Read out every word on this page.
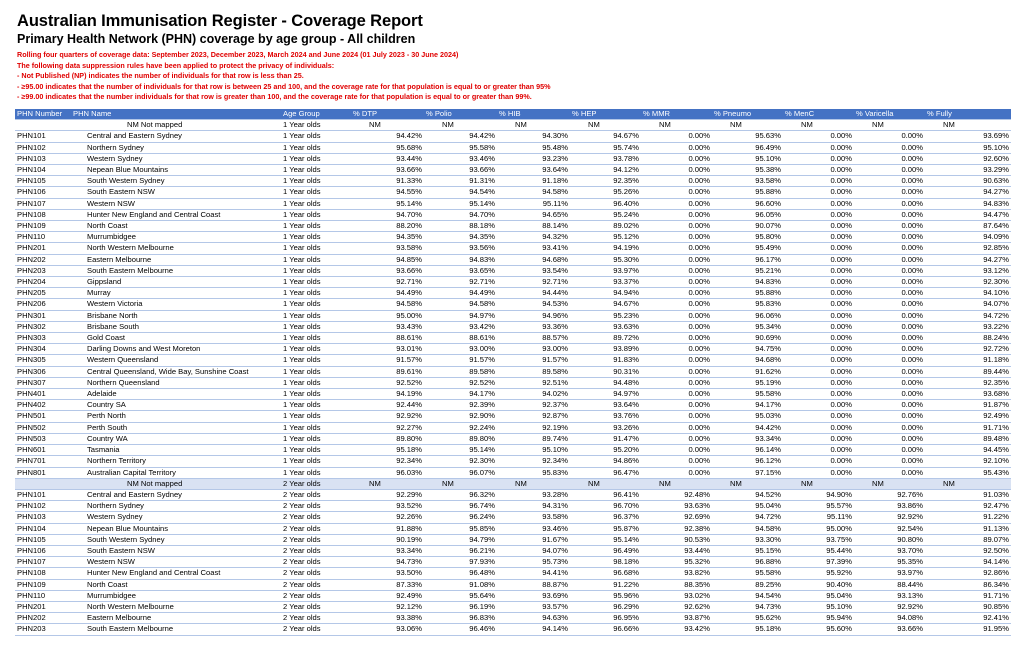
Australian Immunisation Register - Coverage Report
Primary Health Network (PHN) coverage by age group - All children
Rolling four quarters of coverage data: September 2023, December 2023, March 2024 and June 2024 (01 July 2023 - 30 June 2024)
The following data suppression rules have been applied to protect the privacy of individuals:
- Not Published (NP) indicates the number of individuals for that row is less than 25.
- ≥95.00 indicates that the number of individuals for that row is between 25 and 100, and the coverage rate for that population is equal to or greater than 95%
- ≥99.00 indicates that the number individuals for that row is greater than 100, and the coverage rate for that population is equal to or greater than 99%.
PHN Number	PHN Name	Age Group	% DTP	% Polio	% HIB	% HEP	% MMR	% Pneumo	% MenC	% Varicella	% Fully
	NM Not mapped	1 Year olds	NM	NM	NM	NM	NM	NM	NM	NM	NM
PHN101	Central and Eastern Sydney	1 Year olds	94.42%	94.42%	94.30%	94.67%	0.00%	95.63%	0.00%	0.00%	93.69%
PHN102	Northern Sydney	1 Year olds	95.68%	95.58%	95.48%	95.74%	0.00%	96.49%	0.00%	0.00%	95.10%
PHN103	Western Sydney	1 Year olds	93.44%	93.46%	93.23%	93.78%	0.00%	95.10%	0.00%	0.00%	92.60%
PHN104	Nepean Blue Mountains	1 Year olds	93.66%	93.66%	93.64%	94.12%	0.00%	95.38%	0.00%	0.00%	93.29%
PHN105	South Western Sydney	1 Year olds	91.33%	91.31%	91.18%	92.35%	0.00%	93.58%	0.00%	0.00%	90.63%
PHN106	South Eastern NSW	1 Year olds	94.55%	94.54%	94.58%	95.26%	0.00%	95.88%	0.00%	0.00%	94.27%
PHN107	Western NSW	1 Year olds	95.14%	95.14%	95.11%	96.40%	0.00%	96.60%	0.00%	0.00%	94.83%
PHN108	Hunter New England and Central Coast	1 Year olds	94.70%	94.70%	94.65%	95.24%	0.00%	96.05%	0.00%	0.00%	94.47%
PHN109	North Coast	1 Year olds	88.20%	88.18%	88.14%	89.02%	0.00%	90.07%	0.00%	0.00%	87.64%
PHN110	Murrumbidgee	1 Year olds	94.35%	94.35%	94.32%	95.12%	0.00%	95.80%	0.00%	0.00%	94.09%
PHN201	North Western Melbourne	1 Year olds	93.58%	93.56%	93.41%	94.19%	0.00%	95.49%	0.00%	0.00%	92.85%
PHN202	Eastern Melbourne	1 Year olds	94.85%	94.83%	94.68%	95.30%	0.00%	96.17%	0.00%	0.00%	94.27%
PHN203	South Eastern Melbourne	1 Year olds	93.66%	93.65%	93.54%	93.97%	0.00%	95.21%	0.00%	0.00%	93.12%
PHN204	Gippsland	1 Year olds	92.71%	92.71%	92.71%	93.37%	0.00%	94.83%	0.00%	0.00%	92.30%
PHN205	Murray	1 Year olds	94.49%	94.49%	94.44%	94.94%	0.00%	95.88%	0.00%	0.00%	94.10%
PHN206	Western Victoria	1 Year olds	94.58%	94.58%	94.53%	94.67%	0.00%	95.83%	0.00%	0.00%	94.07%
PHN301	Brisbane North	1 Year olds	95.00%	94.97%	94.96%	95.23%	0.00%	96.06%	0.00%	0.00%	94.72%
PHN302	Brisbane South	1 Year olds	93.43%	93.42%	93.36%	93.63%	0.00%	95.34%	0.00%	0.00%	93.22%
PHN303	Gold Coast	1 Year olds	88.61%	88.61%	88.57%	89.72%	0.00%	90.69%	0.00%	0.00%	88.24%
PHN304	Darling Downs and West Moreton	1 Year olds	93.01%	93.00%	93.00%	93.89%	0.00%	94.75%	0.00%	0.00%	92.72%
PHN305	Western Queensland	1 Year olds	91.57%	91.57%	91.57%	91.83%	0.00%	94.68%	0.00%	0.00%	91.18%
PHN306	Central Queensland, Wide Bay, Sunshine Coast	1 Year olds	89.61%	89.58%	89.58%	90.31%	0.00%	91.62%	0.00%	0.00%	89.44%
PHN307	Northern Queensland	1 Year olds	92.52%	92.52%	92.51%	94.48%	0.00%	95.19%	0.00%	0.00%	92.35%
PHN401	Adelaide	1 Year olds	94.19%	94.17%	94.02%	94.97%	0.00%	95.58%	0.00%	0.00%	93.68%
PHN402	Country SA	1 Year olds	92.44%	92.39%	92.37%	93.64%	0.00%	94.17%	0.00%	0.00%	91.87%
PHN501	Perth North	1 Year olds	92.92%	92.90%	92.87%	93.76%	0.00%	95.03%	0.00%	0.00%	92.49%
PHN502	Perth South	1 Year olds	92.27%	92.24%	92.19%	93.26%	0.00%	94.42%	0.00%	0.00%	91.71%
PHN503	Country WA	1 Year olds	89.80%	89.80%	89.74%	91.47%	0.00%	93.34%	0.00%	0.00%	89.48%
PHN601	Tasmania	1 Year olds	95.18%	95.14%	95.10%	95.20%	0.00%	96.14%	0.00%	0.00%	94.45%
PHN701	Northern Territory	1 Year olds	92.34%	92.30%	92.34%	94.86%	0.00%	96.12%	0.00%	0.00%	92.10%
PHN801	Australian Capital Territory	1 Year olds	96.03%	96.07%	95.83%	96.47%	0.00%	97.15%	0.00%	0.00%	95.43%
	NM Not mapped	2 Year olds	NM	NM	NM	NM	NM	NM	NM	NM	NM
PHN101	Central and Eastern Sydney	2 Year olds	92.29%	96.32%	93.28%	96.41%	92.48%	94.52%	94.90%	92.76%	91.03%
PHN102	Northern Sydney	2 Year olds	93.52%	96.74%	94.31%	96.70%	93.63%	95.04%	95.57%	93.86%	92.47%
PHN103	Western Sydney	2 Year olds	92.26%	96.24%	93.58%	96.37%	92.69%	94.72%	95.11%	92.92%	91.22%
PHN104	Nepean Blue Mountains	2 Year olds	91.88%	95.85%	93.46%	95.87%	92.38%	94.58%	95.00%	92.54%	91.13%
PHN105	South Western Sydney	2 Year olds	90.19%	94.79%	91.67%	95.14%	90.53%	93.30%	93.75%	90.80%	89.07%
PHN106	South Eastern NSW	2 Year olds	93.34%	96.21%	94.07%	96.49%	93.44%	95.15%	95.44%	93.70%	92.50%
PHN107	Western NSW	2 Year olds	94.73%	97.93%	95.73%	98.18%	95.32%	96.88%	97.39%	95.35%	94.14%
PHN108	Hunter New England and Central Coast	2 Year olds	93.50%	96.48%	94.41%	96.68%	93.82%	95.58%	95.92%	93.97%	92.86%
PHN109	North Coast	2 Year olds	87.33%	91.08%	88.87%	91.22%	88.35%	89.25%	90.40%	88.44%	86.34%
PHN110	Murrumbidgee	2 Year olds	92.49%	95.64%	93.69%	95.96%	93.02%	94.54%	95.04%	93.13%	91.71%
PHN201	North Western Melbourne	2 Year olds	92.12%	96.19%	93.57%	96.29%	92.62%	94.73%	95.10%	92.92%	90.85%
PHN202	Eastern Melbourne	2 Year olds	93.38%	96.83%	94.63%	96.95%	93.87%	95.62%	95.94%	94.08%	92.41%
PHN203	South Eastern Melbourne	2 Year olds	93.06%	96.46%	94.14%	96.66%	93.42%	95.18%	95.60%	93.66%	91.95%
